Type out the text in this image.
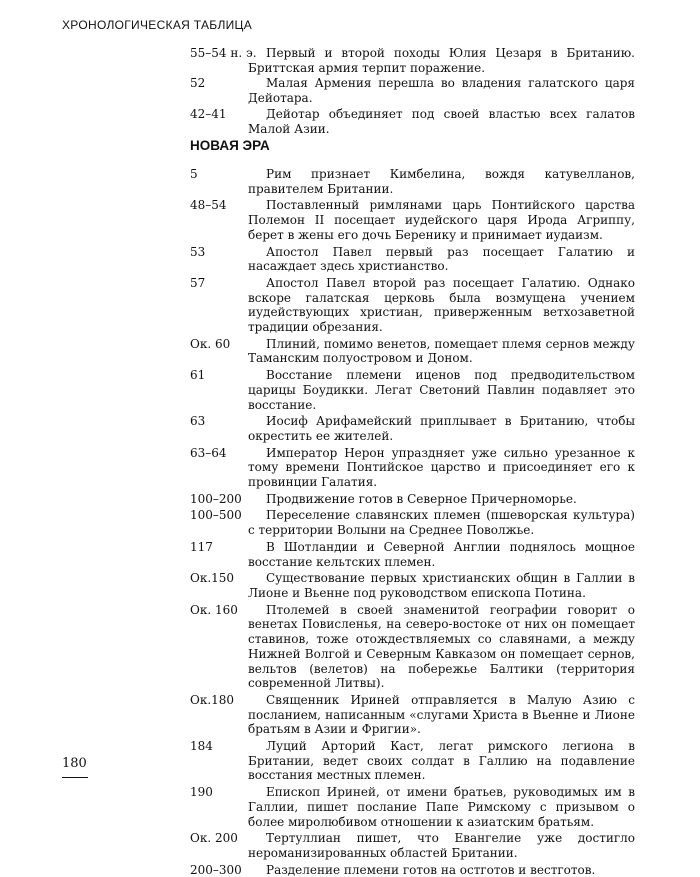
ХРОНОЛОГИЧЕСКАЯ ТАБЛИЦА
55–54 н. э. Первый и второй походы Юлия Цезаря в Британию. Бриттская армия терпит поражение.
52	Малая Армения перешла во владения галатского царя Дейотара.
42–41	Дейотар объединяет под своей властью всех галатов Малой Азии.
НОВАЯ ЭРА
5	Рим признает Кимбелина, вождя катувелланов, правителем Британии.
48–54	Поставленный римлянами царь Понтийского царства Полемон II посещает иудейского царя Ирода Агриппу, берет в жены его дочь Беренику и принимает иудаизм.
53	Апостол Павел первый раз посещает Галатию и насаждает здесь христианство.
57	Апостол Павел второй раз посещает Галатию. Однако вскоре галатская церковь была возмущена учением иудействующих христиан, приверженным ветхозаветной традиции обрезания.
Ок. 60	Плиний, помимо венетов, помещает племя сернов между Таманским полуостровом и Доном.
61	Восстание племени иценов под предводительством царицы Боудикки. Легат Светоний Павлин подавляет это восстание.
63	Иосиф Арифамейский приплывает в Британию, чтобы окрестить ее жителей.
63–64	Император Нерон упраздняет уже сильно урезанное к тому времени Понтийское царство и присоединяет его к провинции Галатия.
100–200	Продвижение готов в Северное Причерноморье.
100–500	Переселение славянских племен (пшеворская культура) с территории Волыни на Среднее Поволжье.
117	В Шотландии и Северной Англии поднялось мощное восстание кельтских племен.
Ок.150	Существование первых христианских общин в Галлии в Лионе и Вьенне под руководством епископа Потина.
Ок. 160	Птолемей в своей знаменитой географии говорит о венетах Повисленья, на северо-востоке от них он помещает ставинов, тоже отождествляемых со славянами, а между Нижней Волгой и Северным Кавказом он помещает сернов, вельтов (велетов) на побережье Балтики (территория современной Литвы).
Ок.180	Священник Ириней отправляется в Малую Азию с посланием, написанным «слугами Христа в Вьенне и Лионе братьям в Азии и Фригии».
184	Луций Арторий Каст, легат римского легиона в Британии, ведет своих солдат в Галлию на подавление восстания местных племен.
190	Епископ Ириней, от имени братьев, руководимых им в Галлии, пишет послание Папе Римскому с призывом о более миролюбивом отношении к азиатским братьям.
Ок. 200	Тертуллиан пишет, что Евангелие уже достигло нероманизированных областей Британии.
200–300	Разделение племени готов на остготов и вестготов.
180
